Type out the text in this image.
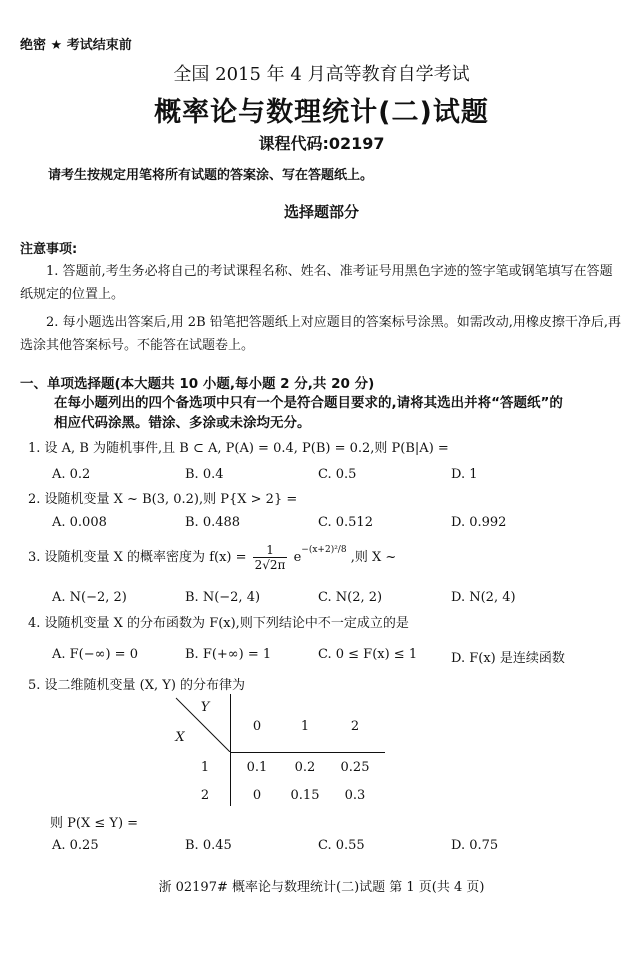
绝密 ★ 考试结束前
全国 2015 年 4 月高等教育自学考试
概率论与数理统计(二)试题
课程代码:02197
请考生按规定用笔将所有试题的答案涂、写在答题纸上。
选择题部分
注意事项:
1. 答题前,考生务必将自己的考试课程名称、姓名、准考证号用黑色字迹的签字笔或钢笔填写在答题纸规定的位置上。
2. 每小题选出答案后,用 2B 铅笔把答题纸上对应题目的答案标号涂黑。如需改动,用橡皮擦干净后,再选涂其他答案标号。不能答在试题卷上。
一、单项选择题(本大题共 10 小题,每小题 2 分,共 20 分)
在每小题列出的四个备选项中只有一个是符合题目要求的,请将其选出并将“答题纸”的相应代码涂黑。错涂、多涂或未涂均无分。
1. 设 A, B 为随机事件,且 B ⊂ A, P(A) = 0.4, P(B) = 0.2,则 P(B|A) =
A. 0.2	B. 0.4	C. 0.5	D. 1
2. 设随机变量 X ~ B(3, 0.2),则 P{X > 2} =
A. 0.008	B. 0.488	C. 0.512	D. 0.992
3. 设随机变量 X 的概率密度为 $f(x) = \frac{1}{2√2\pi} e^{-(x+2)^2/8}$ ,则 X ~
A. N(−2, 2)	B. N(−2, 4)	C. N(2, 2)	D. N(2, 4)
4. 设随机变量 X 的分布函数为 F(x),则下列结论中不一定成立的是
A. F(−∞) = 0	B. F(+∞) = 1	C. 0 ≤ F(x) ≤ 1	D. F(x) 是连续函数
5. 设二维随机变量 (X, Y) 的分布律为
Y
X
0	1	2
1	0.1	0.2	0.25
2	0	0.15	0.3
则 P(X ≤ Y) =
A. 0.25	B. 0.45	C. 0.55	D. 0.75
浙 02197# 概率论与数理统计(二)试题 第 1 页(共 4 页)
